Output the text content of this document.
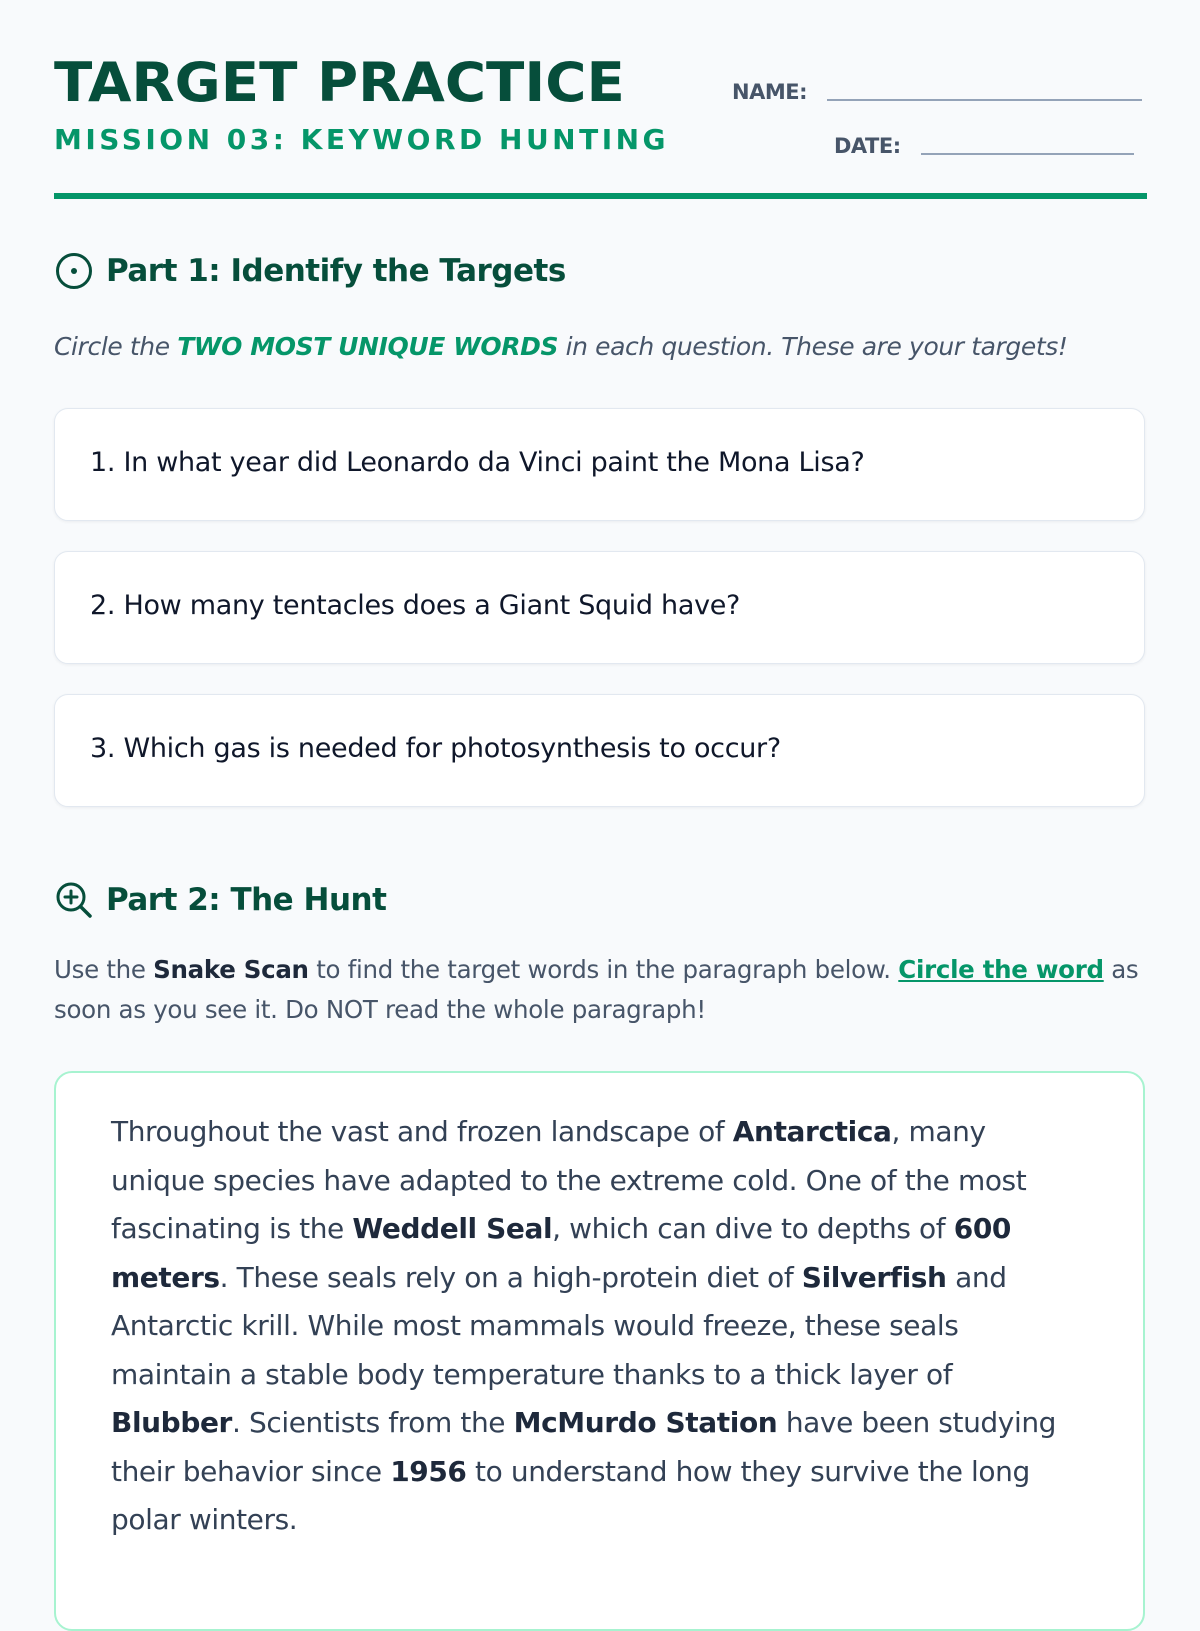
TARGET PRACTICE

MISSION 03: KEYWORD HUNTING

NAME:
DATE:
Part 1: Identify the Targets

Circle the TWO MOST UNIQUE WORDS in each question. These are your targets!

1. In what year did Leonardo da Vinci paint the Mona Lisa?
2. How many tentacles does a Giant Squid have?
3. Which gas is needed for photosynthesis to occur?
Part 2: The Hunt

Use the Snake Scan to find the target words in the paragraph below. Circle the word as soon as you see it. Do NOT read the whole paragraph!

Throughout the vast and frozen landscape of Antarctica, many unique species have adapted to the extreme cold. One of the most fascinating is the Weddell Seal, which can dive to depths of 600 meters. These seals rely on a high-protein diet of Silverfish and Antarctic krill. While most mammals would freeze, these seals maintain a stable body temperature thanks to a thick layer of Blubber. Scientists from the McMurdo Station have been studying their behavior since 1956 to understand how they survive the long polar winters.
